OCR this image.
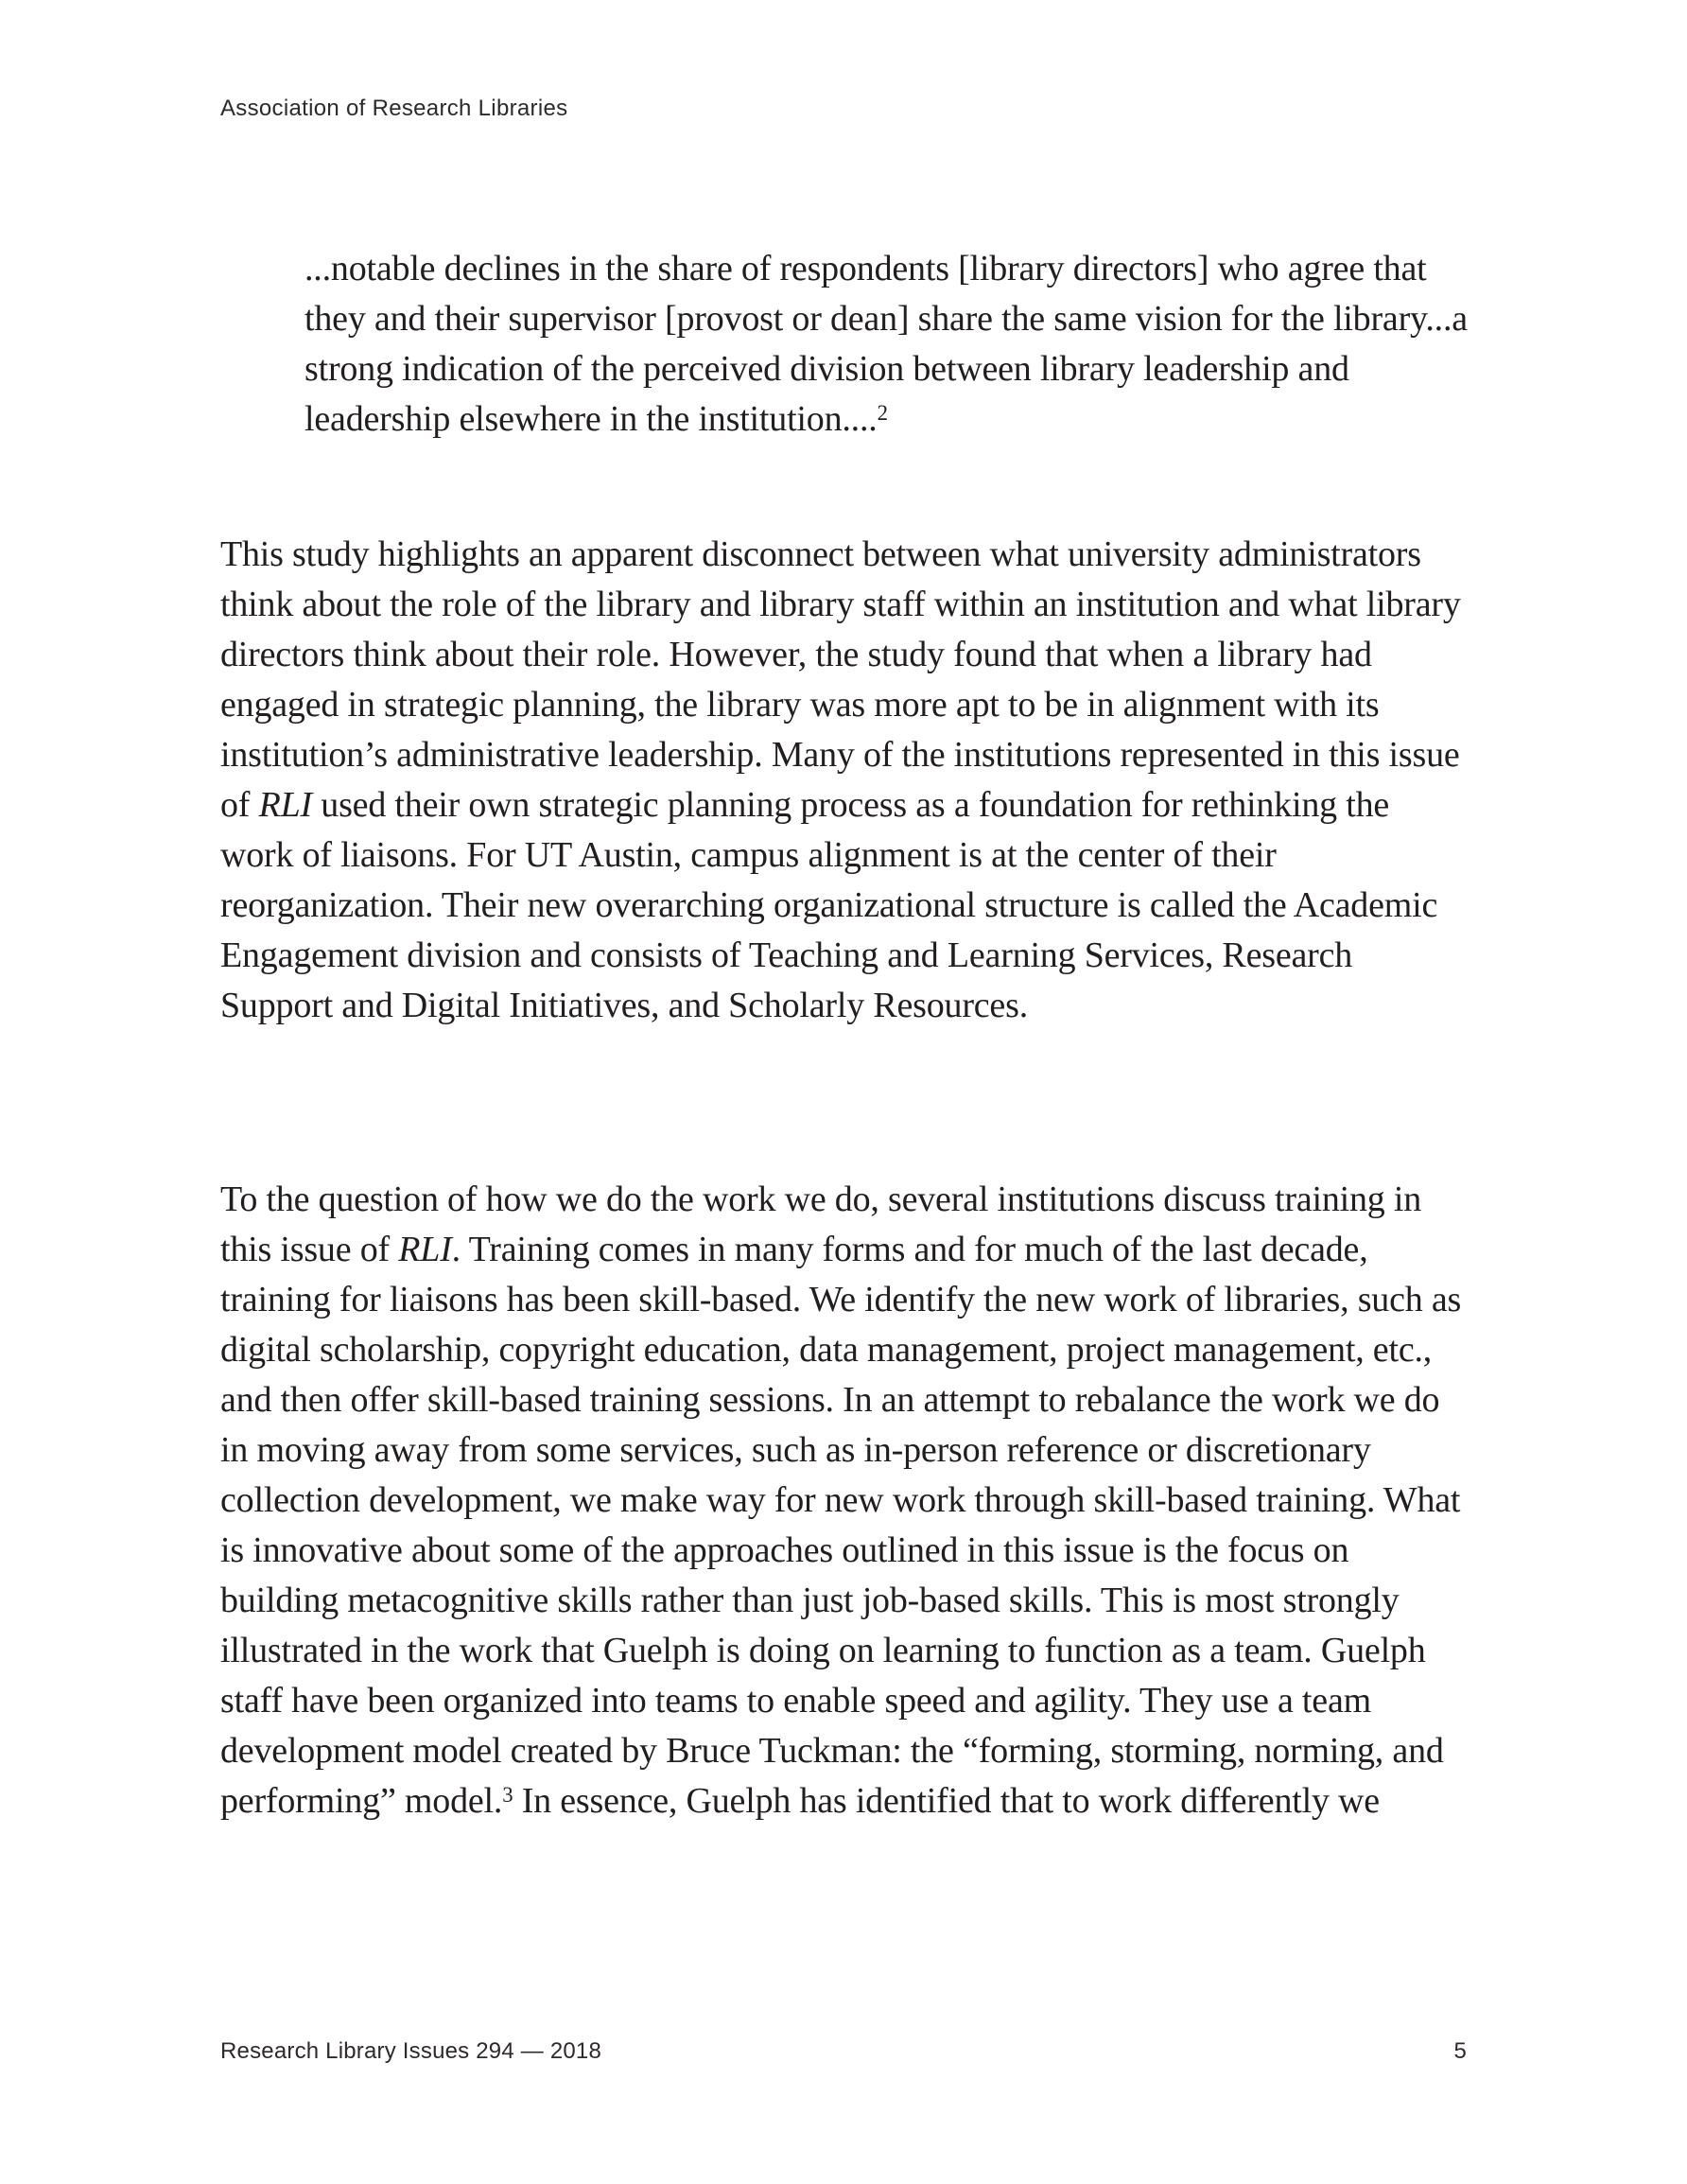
Association of Research Libraries
...notable declines in the share of respondents [library directors] who agree that they and their supervisor [provost or dean] share the same vision for the library...a strong indication of the perceived division between library leadership and leadership elsewhere in the institution....$^2$

This study highlights an apparent disconnect between what university administrators think about the role of the library and library staff within an institution and what library directors think about their role. However, the study found that when a library had engaged in strategic planning, the library was more apt to be in alignment with its institution’s administrative leadership. Many of the institutions represented in this issue of RLI used their own strategic planning process as a foundation for rethinking the work of liaisons. For UT Austin, campus alignment is at the center of their reorganization. Their new overarching organizational structure is called the Academic Engagement division and consists of Teaching and Learning Services, Research Support and Digital Initiatives, and Scholarly Resources.

To the question of how we do the work we do, several institutions discuss training in this issue of RLI. Training comes in many forms and for much of the last decade, training for liaisons has been skill-based. We identify the new work of libraries, such as digital scholarship, copyright education, data management, project management, etc., and then offer skill-based training sessions. In an attempt to rebalance the work we do in moving away from some services, such as in-person reference or discretionary collection development, we make way for new work through skill-based training. What is innovative about some of the approaches outlined in this issue is the focus on building metacognitive skills rather than just job-based skills. This is most strongly illustrated in the work that Guelph is doing on learning to function as a team. Guelph staff have been organized into teams to enable speed and agility. They use a team development model created by Bruce Tuckman: the “forming, storming, norming, and performing” model.$^3$ In essence, Guelph has identified that to work differently we

Research Library Issues 294 — 2018	5
